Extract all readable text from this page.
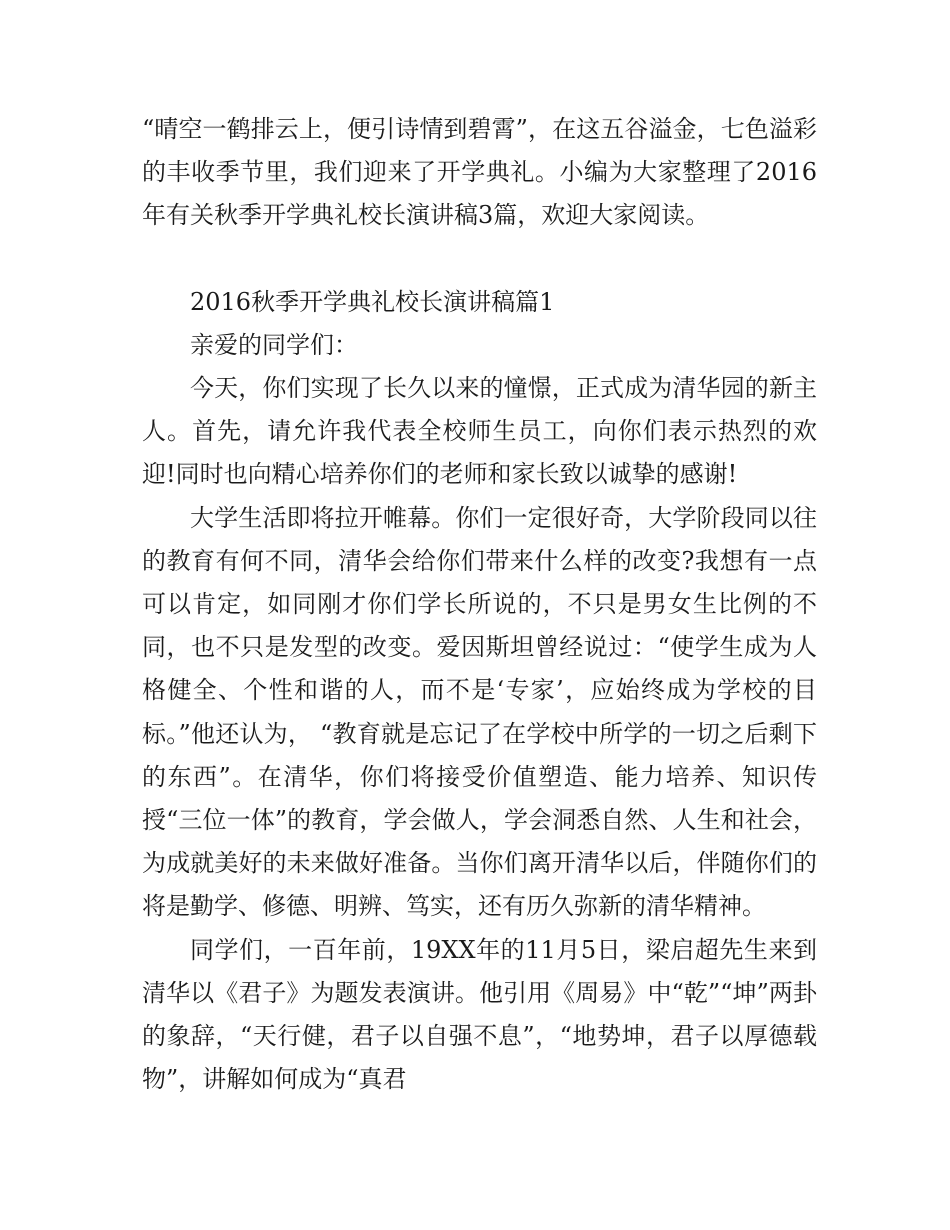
“晴空一鹤排云上，便引诗情到碧霄”，在这五谷溢金，七色溢彩的丰收季节里，我们迎来了开学典礼。小编为大家整理了2016年有关秋季开学典礼校长演讲稿3篇，欢迎大家阅读。

2016秋季开学典礼校长演讲稿篇1

亲爱的同学们：

今天，你们实现了长久以来的憧憬，正式成为清华园的新主人。首先，请允许我代表全校师生员工，向你们表示热烈的欢迎!同时也向精心培养你们的老师和家长致以诚挚的感谢!

大学生活即将拉开帷幕。你们一定很好奇，大学阶段同以往的教育有何不同，清华会给你们带来什么样的改变?我想有一点可以肯定，如同刚才你们学长所说的，不只是男女生比例的不同，也不只是发型的改变。爱因斯坦曾经说过：“使学生成为人格健全、个性和谐的人，而不是‘专家’，应始终成为学校的目标。”他还认为， “教育就是忘记了在学校中所学的一切之后剩下的东西”。在清华，你们将接受价值塑造、能力培养、知识传授“三位一体”的教育，学会做人，学会洞悉自然、人生和社会，为成就美好的未来做好准备。当你们离开清华以后，伴随你们的将是勤学、修德、明辨、笃实，还有历久弥新的清华精神。

同学们，一百年前，19XX年的11月5日，梁启超先生来到清华以《君子》为题发表演讲。他引用《周易》中“乾”“坤”两卦的象辞，“天行健，君子以自强不息”，“地势坤，君子以厚德载物”，讲解如何成为“真君
